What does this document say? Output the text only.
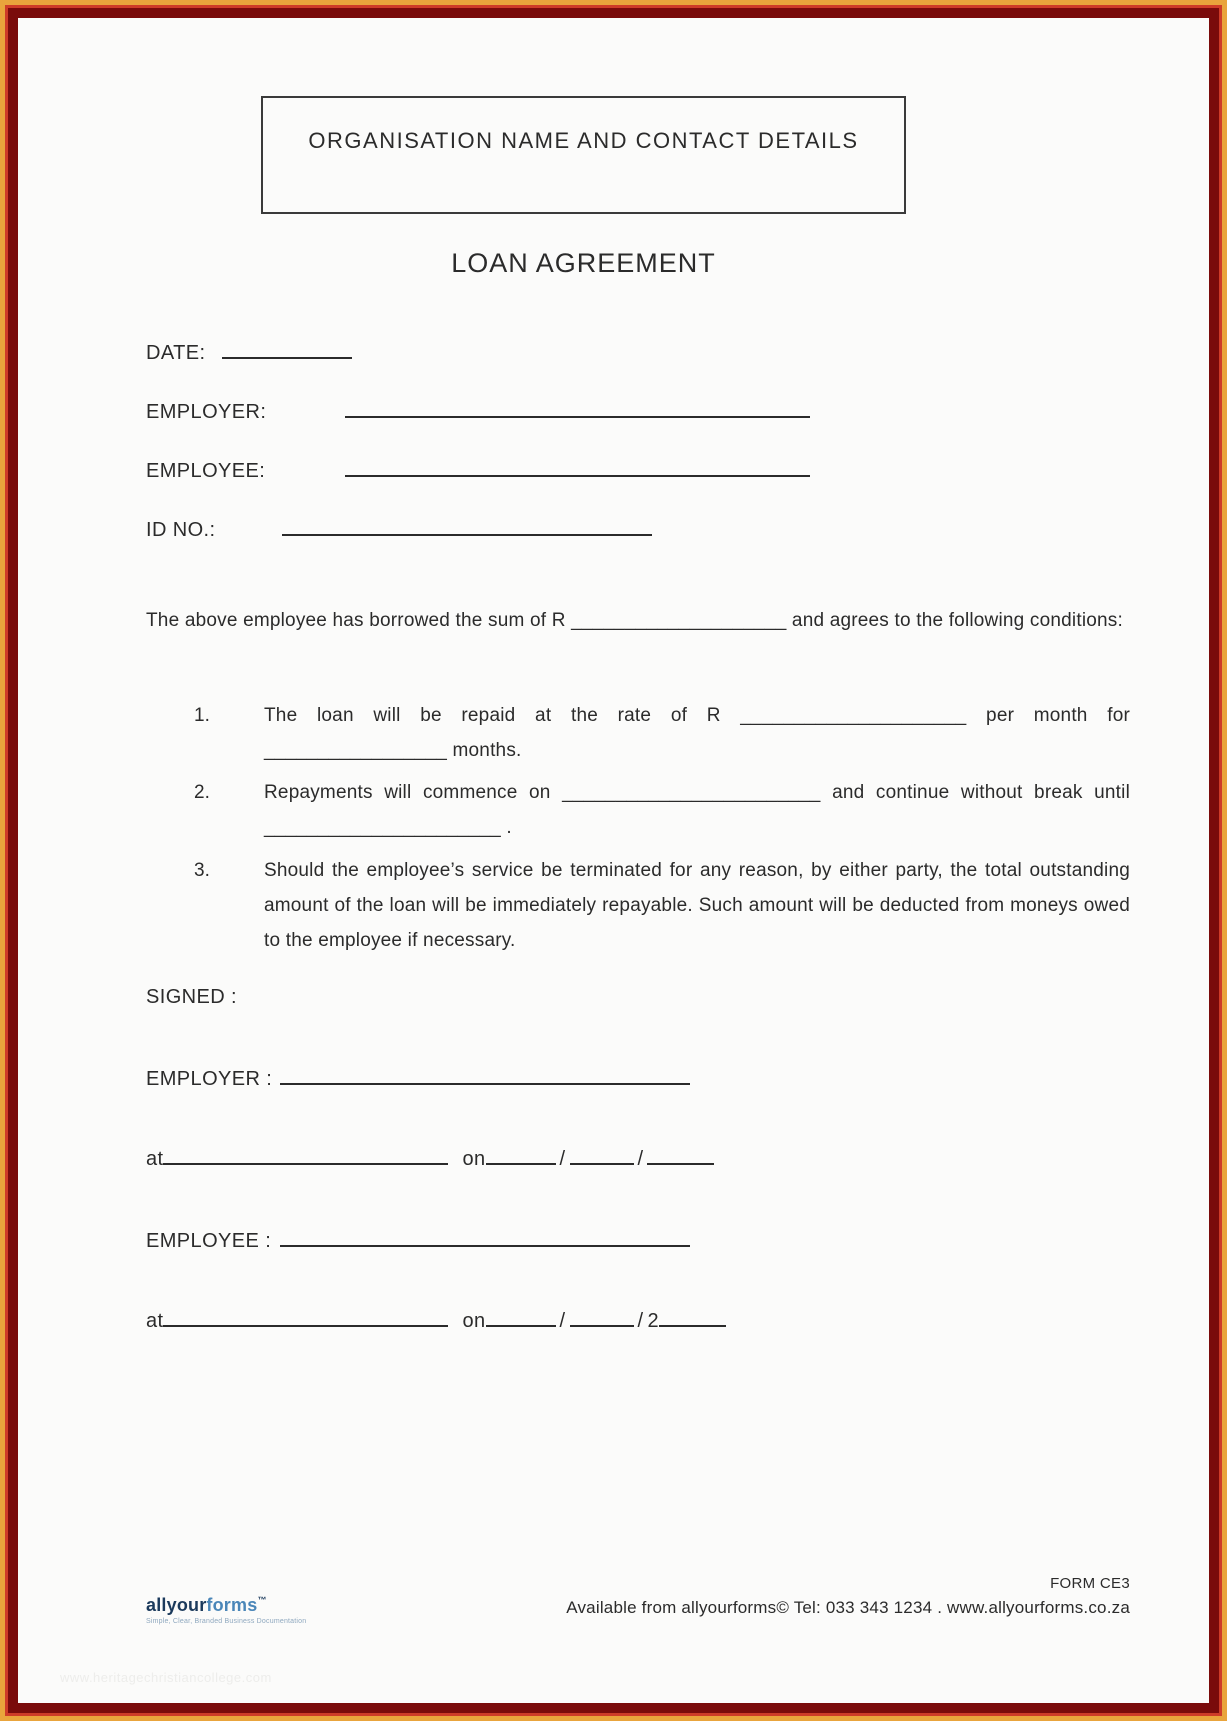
ORGANISATION NAME AND CONTACT DETAILS
LOAN AGREEMENT
DATE:
EMPLOYER:
EMPLOYEE:
ID NO.:

The above employee has borrowed the sum of R ____________________ and agrees to the following conditions:

1.	The loan will be repaid at the rate of R _____________________ per month for _________________ months.
2.	Repayments will commence on ________________________ and continue without break until ______________________ .
3.	Should the employee’s service be terminated for any reason, by either party, the total outstanding amount of the loan will be immediately repayable. Such amount will be deducted from moneys owed to the employee if necessary.
SIGNED :
EMPLOYER :
at	on	/	/
EMPLOYEE :
at	on	/	/ 2
allyourforms™
Simple, Clear, Branded Business Documentation
FORM CE3
Available from allyourforms© Tel: 033 343 1234 . www.allyourforms.co.za
www.heritagechristiancollege.com
